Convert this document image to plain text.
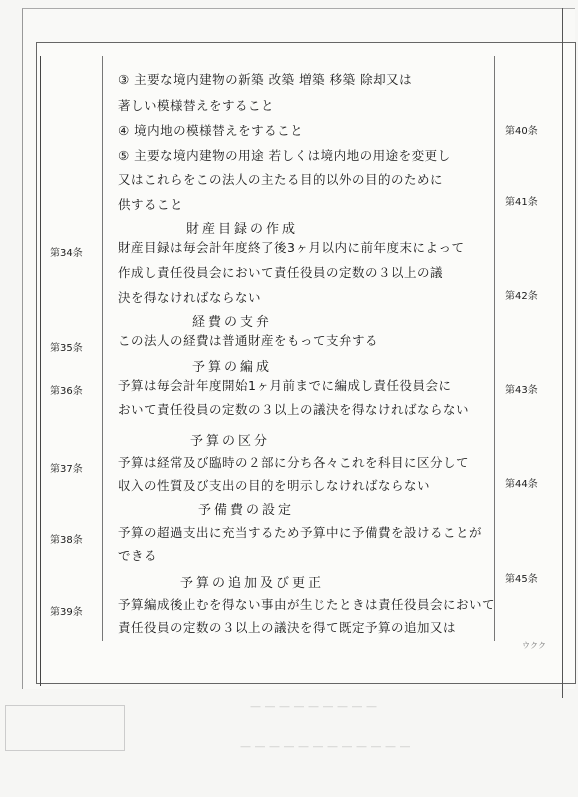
— — — — — — — — —
— — — — — — — — — — — —
③ 主要な境内建物の新築 改築 増築 移築 除却又は
著しい模様替えをすること
④ 境内地の模様替えをすること
⑤ 主要な境内建物の用途 若しくは境内地の用途を変更し
又はこれらをこの法人の主たる目的以外の目的のために
供すること
財産目録の作成
第34条	財産目録は毎会計年度終了後3ヶ月以内に前年度末によって
作成し責任役員会において責任役員の定数の３以上の議
決を得なければならない
経費の支弁
第35条
この法人の経費は普通財産をもって支弁する
予算の編成
第36条	予算は毎会計年度開始1ヶ月前までに編成し責任役員会に
おいて責任役員の定数の３以上の議決を得なければならない
予算の区分
第37条	予算は経常及び臨時の２部に分ち各々これを科目に区分して
収入の性質及び支出の目的を明示しなければならない
予備費の設定
第38条
予算の超過支出に充当するため予算中に予備費を設けることが
できる
予算の追加及び更正
第39条
予算編成後止むを得ない事由が生じたときは責任役員会において
責任役員の定数の３以上の議決を得て既定予算の追加又は
第40条
第41条
第42条
第43条
第44条
第45条
ウクク
